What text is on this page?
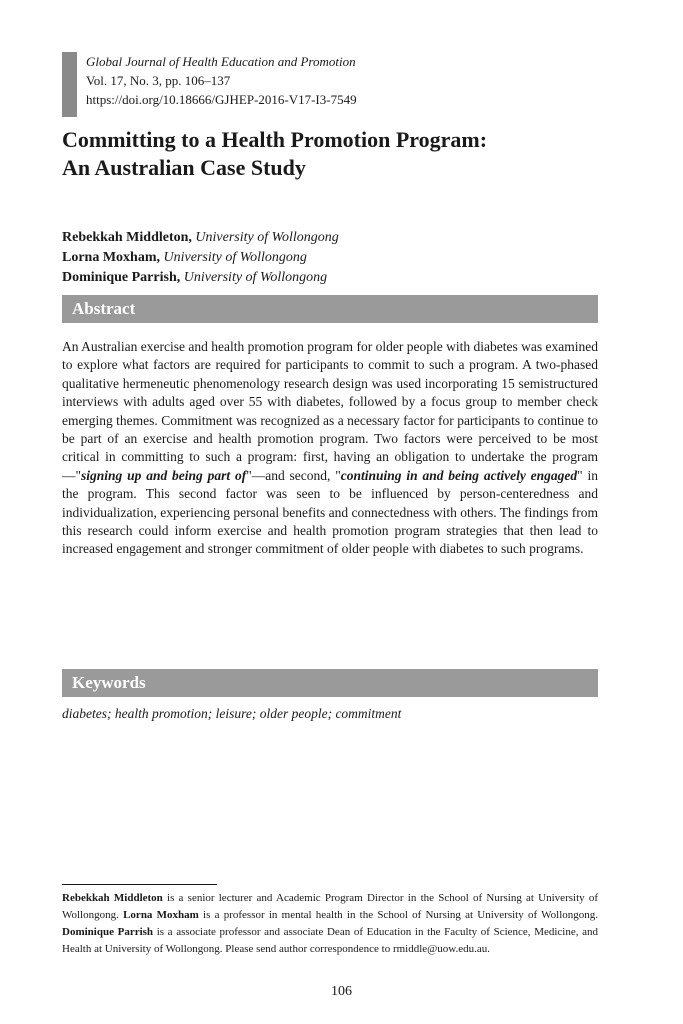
Global Journal of Health Education and Promotion
Vol. 17, No. 3, pp. 106–137
https://doi.org/10.18666/GJHEP-2016-V17-I3-7549
Committing to a Health Promotion Program:
An Australian Case Study
Rebekkah Middleton, University of Wollongong
Lorna Moxham, University of Wollongong
Dominique Parrish, University of Wollongong
Abstract

An Australian exercise and health promotion program for older people with diabetes was examined to explore what factors are required for participants to commit to such a program. A two-phased qualitative hermeneutic phenomenology research design was used incorporating 15 semistructured interviews with adults aged over 55 with diabetes, followed by a focus group to member check emerging themes. Commitment was recognized as a necessary factor for participants to continue to be part of an exercise and health promotion program. Two factors were perceived to be most critical in committing to such a program: first, having an obligation to undertake the program—"signing up and being part of"—and second, "continuing in and being actively engaged" in the program. This second factor was seen to be influenced by person-centeredness and individualization, experiencing personal benefits and connectedness with others. The findings from this research could inform exercise and health promotion program strategies that then lead to increased engagement and stronger commitment of older people with diabetes to such programs.

Keywords
diabetes; health promotion; leisure; older people; commitment

Rebekkah Middleton is a senior lecturer and Academic Program Director in the School of Nursing at University of Wollongong. Lorna Moxham is a professor in mental health in the School of Nursing at University of Wollongong. Dominique Parrish is a associate professor and associate Dean of Education in the Faculty of Science, Medicine, and Health at University of Wollongong. Please send author correspondence to rmiddle@uow.edu.au.

106
